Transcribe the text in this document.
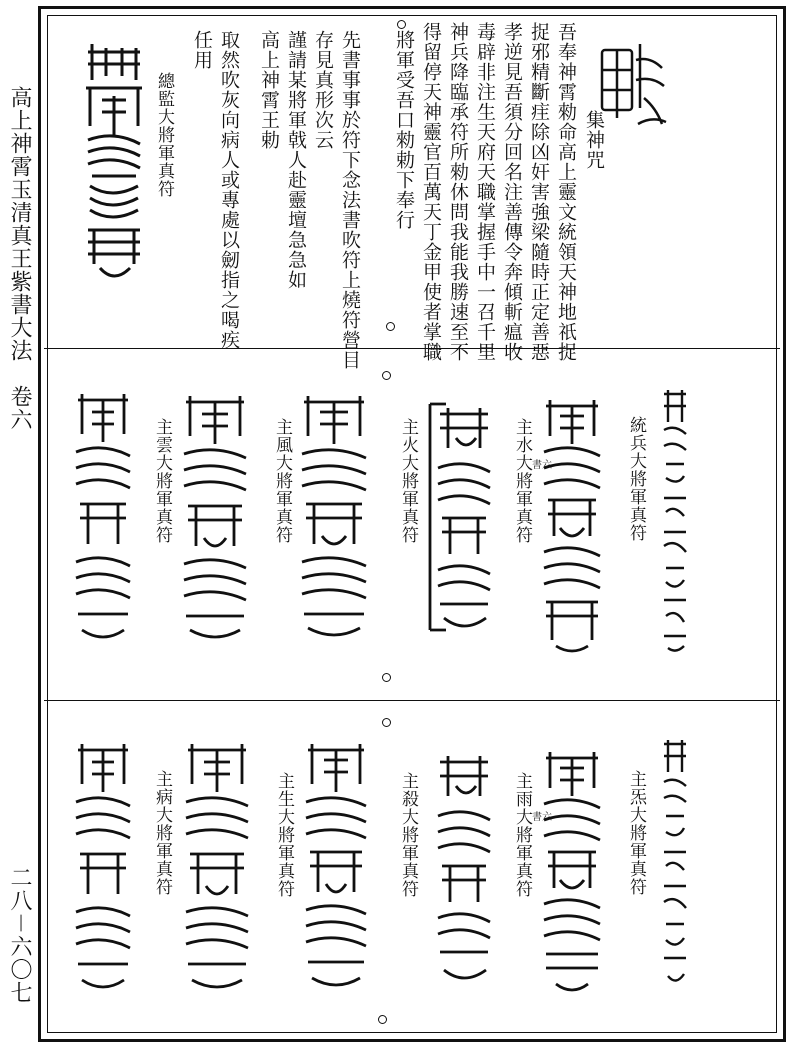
高上神霄玉清真王紫書大法　卷六
二八－六〇七
集神咒
吾奉神霄勑命高上靈文統領天神地祇捉
捉邪精斷疰除凶奸害強梁隨時正定善惡
孝逆見吾須分回名注善傳令奔傾斬瘟收
毒辟非注生天府天職掌握手中一召千里
神兵降臨承符所勑休問我能我勝速至不
得留停天神靈官百萬天丁金甲使者掌職
將軍受吾口勑勅下奉行
先書事事於符下念法書吹符上燒符營目
存見真形次云
謹請某將軍戟人赴靈壇急急如
高上神霄王勅
取然吹灰向病人或專處以劒指之喝疾
任用
總監大將軍真符
統兵大將軍真符
書六
主水大將軍真符
主火大將軍真符
主風大將軍真符
主雲大將軍真符
主炁大將軍真符
書六
主雨大將軍真符
主殺大將軍真符
主生大將軍真符
主病大將軍真符
